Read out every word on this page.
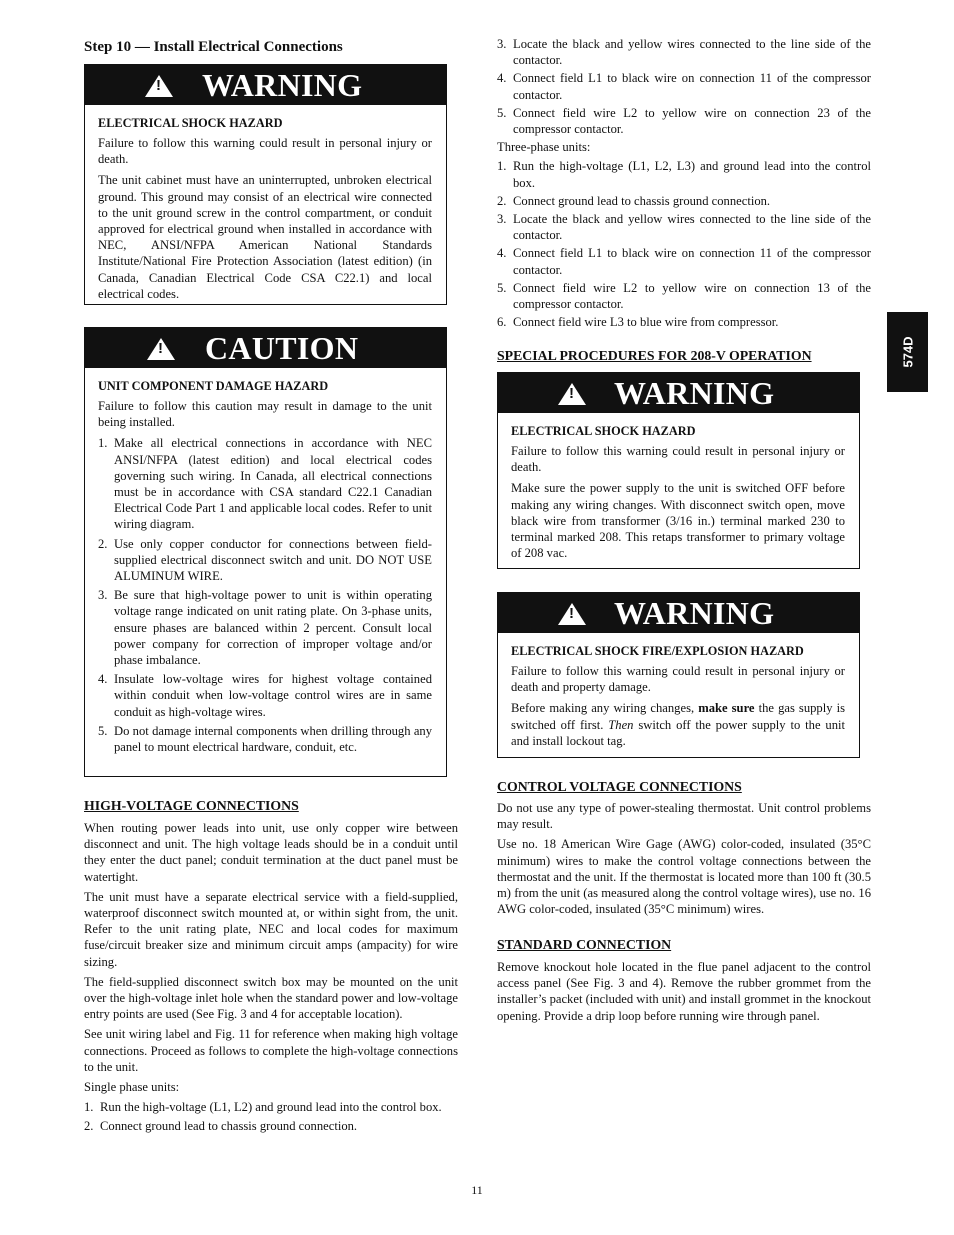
Step 10 — Install Electrical Connections
!
WARNING
ELECTRICAL SHOCK HAZARD

Failure to follow this warning could result in personal injury or death.

The unit cabinet must have an uninterrupted, unbroken electrical ground. This ground may consist of an electrical wire connected to the unit ground screw in the control compartment, or conduit approved for electrical ground when installed in accordance with NEC, ANSI/NFPA American National Standards Institute/National Fire Protection Association (latest edition) (in Canada, Canadian Electrical Code CSA C22.1) and local electrical codes.

!
CAUTION
UNIT COMPONENT DAMAGE HAZARD

Failure to follow this caution may result in damage to the unit being installed.

1. Make all electrical connections in accordance with NEC ANSI/NFPA (latest edition) and local electrical codes governing such wiring. In Canada, all electrical connections must be in accordance with CSA standard C22.1 Canadian Electrical Code Part 1 and applicable local codes. Refer to unit wiring diagram.
2. Use only copper conductor for connections between field-supplied electrical disconnect switch and unit. DO NOT USE ALUMINUM WIRE.
3. Be sure that high-voltage power to unit is within operating voltage range indicated on unit rating plate. On 3-phase units, ensure phases are balanced within 2 percent. Consult local power company for correction of improper voltage and/or phase imbalance.
4. Insulate low-voltage wires for highest voltage contained within conduit when low-voltage control wires are in same conduit as high-voltage wires.
5. Do not damage internal components when drilling through any panel to mount electrical hardware, conduit, etc.
HIGH-VOLTAGE CONNECTIONS

When routing power leads into unit, use only copper wire between disconnect and unit. The high voltage leads should be in a conduit until they enter the duct panel; conduit termination at the duct panel must be watertight.

The unit must have a separate electrical service with a field-supplied, waterproof disconnect switch mounted at, or within sight from, the unit. Refer to the unit rating plate, NEC and local codes for maximum fuse/circuit breaker size and minimum circuit amps (ampacity) for wire sizing.

The field-supplied disconnect switch box may be mounted on the unit over the high-voltage inlet hole when the standard power and low-voltage entry points are used (See Fig. 3 and 4 for acceptable location).

See unit wiring label and Fig. 11 for reference when making high voltage connections. Proceed as follows to complete the high-voltage connections to the unit.

Single phase units:

1. Run the high-voltage (L1, L2) and ground lead into the control box.
2. Connect ground lead to chassis ground connection.
3. Locate the black and yellow wires connected to the line side of the contactor.
4. Connect field L1 to black wire on connection 11 of the compressor contactor.
5. Connect field wire L2 to yellow wire on connection 23 of the compressor contactor.

Three-phase units:

1. Run the high-voltage (L1, L2, L3) and ground lead into the control box.
2. Connect ground lead to chassis ground connection.
3. Locate the black and yellow wires connected to the line side of the contactor.
4. Connect field L1 to black wire on connection 11 of the compressor contactor.
5. Connect field wire L2 to yellow wire on connection 13 of the compressor contactor.
6. Connect field wire L3 to blue wire from compressor.
SPECIAL PROCEDURES FOR 208-V OPERATION
!
WARNING
ELECTRICAL SHOCK HAZARD

Failure to follow this warning could result in personal injury or death.

Make sure the power supply to the unit is switched OFF before making any wiring changes. With disconnect switch open, move black wire from transformer (3/16 in.) terminal marked 230 to terminal marked 208. This retaps transformer to primary voltage of 208 vac.

!
WARNING
ELECTRICAL SHOCK FIRE/EXPLOSION HAZARD

Failure to follow this warning could result in personal injury or death and property damage.

Before making any wiring changes, make sure the gas supply is switched off first. Then switch off the power supply to the unit and install lockout tag.

CONTROL VOLTAGE CONNECTIONS

Do not use any type of power-stealing thermostat. Unit control problems may result.

Use no. 18 American Wire Gage (AWG) color-coded, insulated (35°C minimum) wires to make the control voltage connections between the thermostat and the unit. If the thermostat is located more than 100 ft (30.5 m) from the unit (as measured along the control voltage wires), use no. 16 AWG color-coded, insulated (35°C minimum) wires.

STANDARD CONNECTION

Remove knockout hole located in the flue panel adjacent to the control access panel (See Fig. 3 and 4). Remove the rubber grommet from the installer’s packet (included with unit) and install grommet in the knockout opening. Provide a drip loop before running wire through panel.

574D
11
